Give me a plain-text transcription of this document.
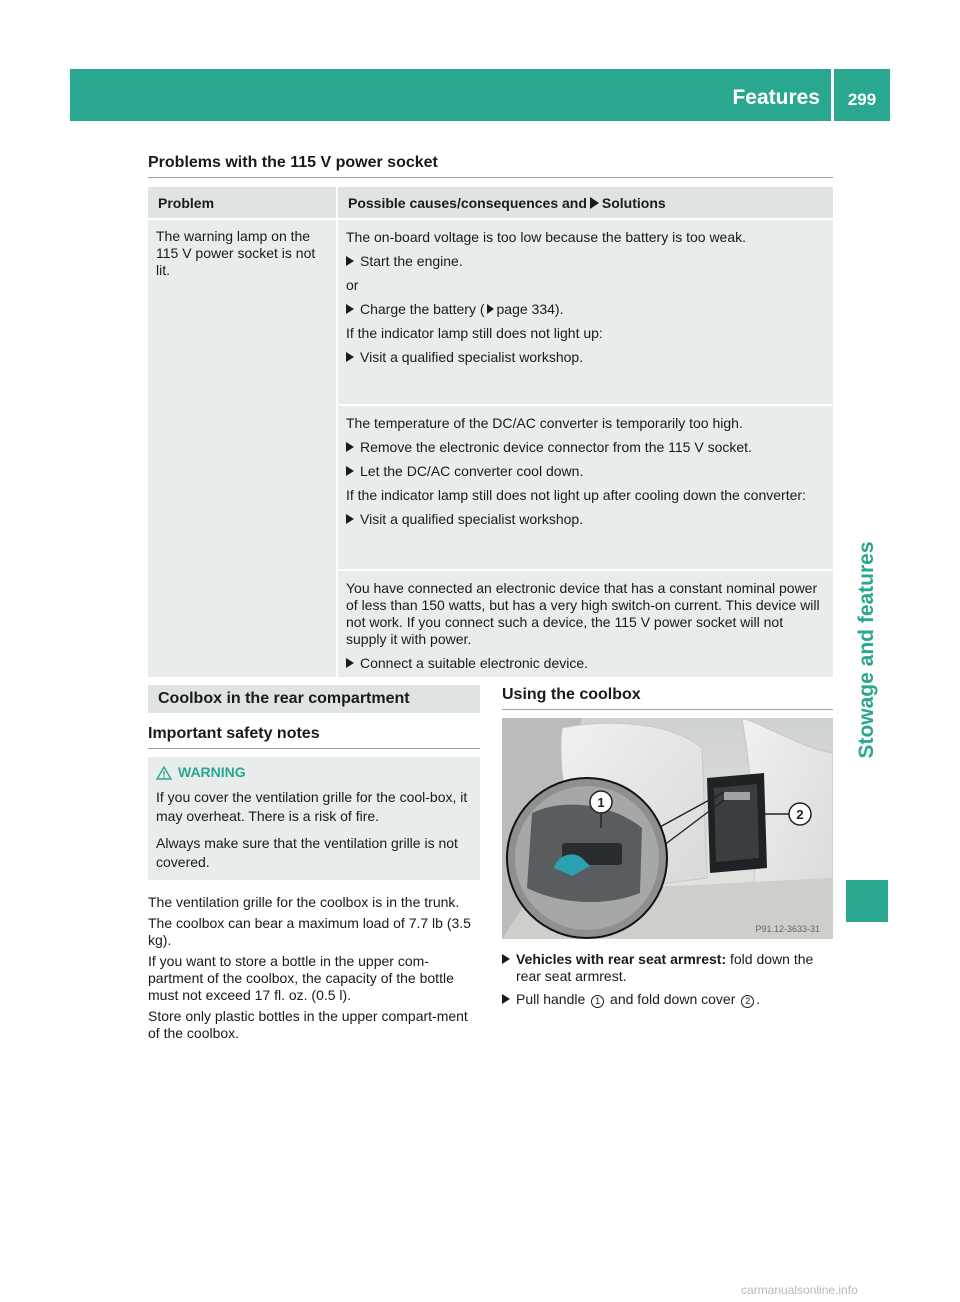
Features	299
Stowage and features
Problems with the 115 V power socket
Problem	Possible causes/consequences and Solutions
The warning lamp on the 115 V power socket is not lit.
The on-board voltage is too low because the battery is too weak.
Start the engine.
or
Charge the battery ( page 334).
If the indicator lamp still does not light up:
Visit a qualified specialist workshop.
The temperature of the DC/AC converter is temporarily too high.
Remove the electronic device connector from the 115 V socket.
Let the DC/AC converter cool down.
If the indicator lamp still does not light up after cooling down the converter:
Visit a qualified specialist workshop.
You have connected an electronic device that has a constant nominal power of less than 150 watts, but has a very high switch-on current. This device will not work. If you connect such a device, the 115 V power socket will not supply it with power.
Connect a suitable electronic device.
Coolbox in the rear compartment
Important safety notes
WARNING
If you cover the ventilation grille for the cool-box, it may overheat. There is a risk of fire.
Always make sure that the ventilation grille is not covered.
The ventilation grille for the coolbox is in the trunk.
The coolbox can bear a maximum load of 7.7 lb (3.5 kg).
If you want to store a bottle in the upper com-partment of the coolbox, the capacity of the bottle must not exceed 17 fl. oz. (0.5 l).
Store only plastic bottles in the upper compart-ment of the coolbox.
Using the coolbox
2
1
P91.12-3633-31
Vehicles with rear seat armrest: fold down the rear seat armrest.
Pull handle 1 and fold down cover 2 .
carmanualsonline.info
